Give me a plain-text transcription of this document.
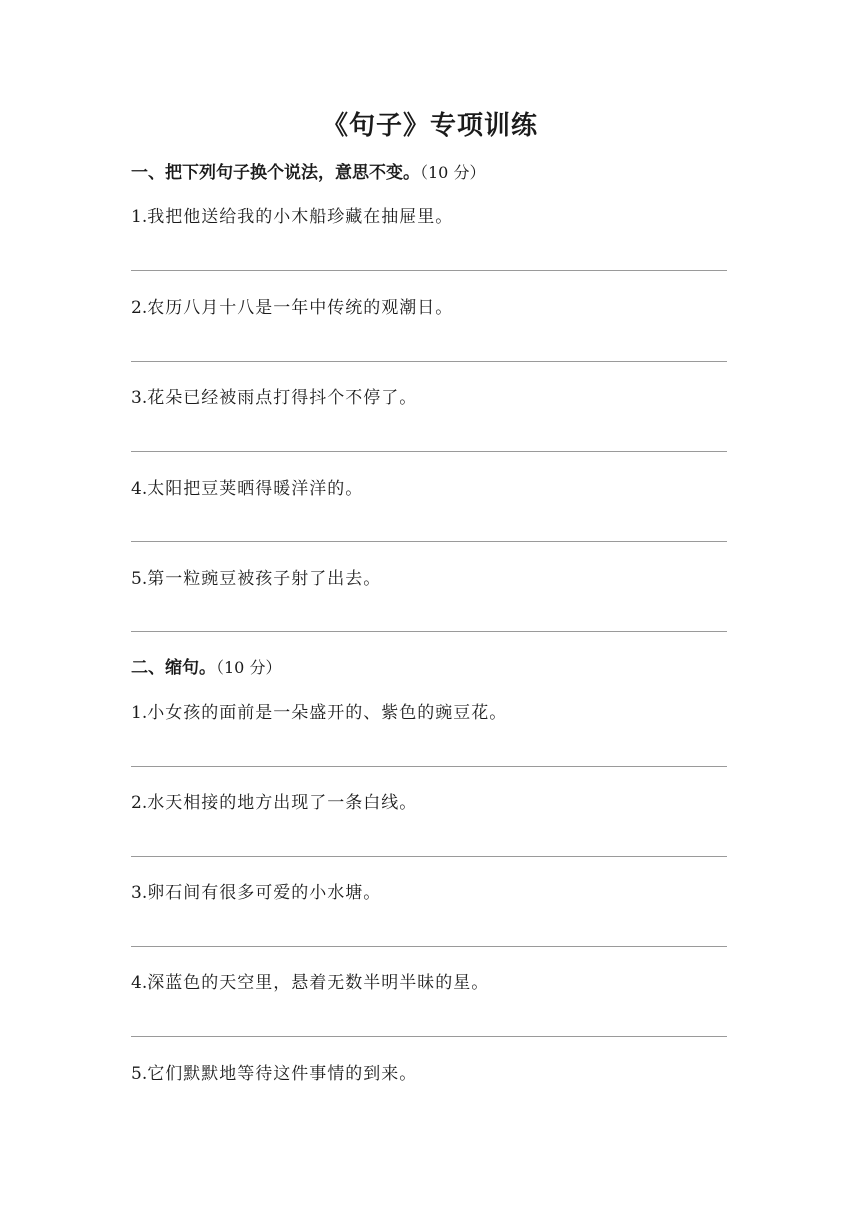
《句子》专项训练
一、把下列句子换个说法，意思不变。（10 分）
1.我把他送给我的小木船珍藏在抽屉里。
2.农历八月十八是一年中传统的观潮日。
3.花朵已经被雨点打得抖个不停了。
4.太阳把豆荚晒得暖洋洋的。
5.第一粒豌豆被孩子射了出去。
二、缩句。（10 分）
1.小女孩的面前是一朵盛开的、紫色的豌豆花。
2.水天相接的地方出现了一条白线。
3.卵石间有很多可爱的小水塘。
4.深蓝色的天空里，悬着无数半明半昧的星。
5.它们默默地等待这件事情的到来。
